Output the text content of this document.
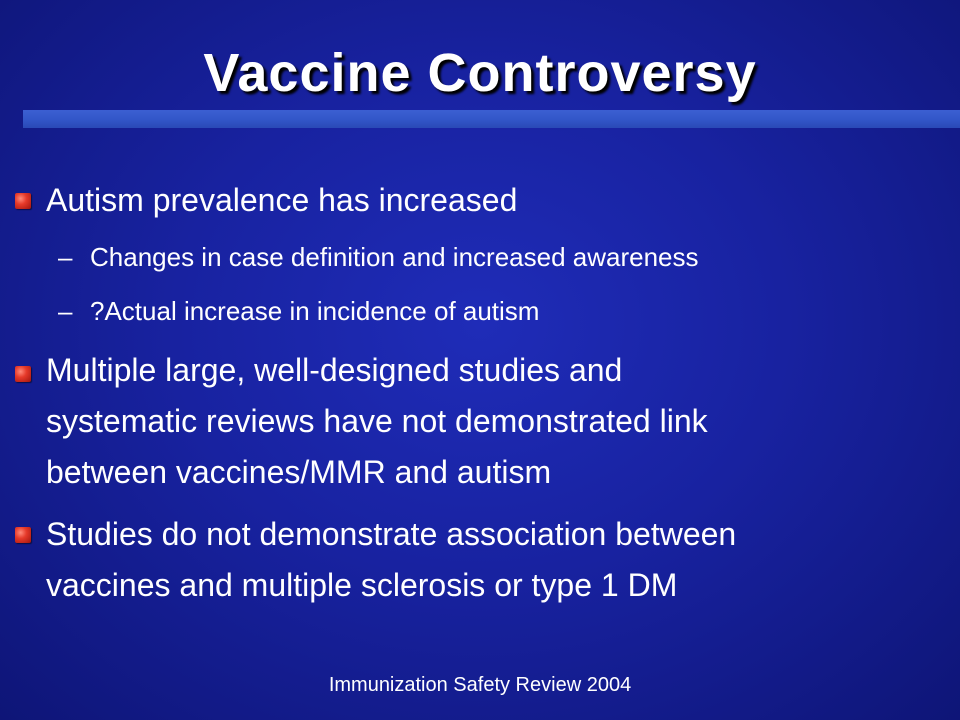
Vaccine Controversy
Autism prevalence has increased
– Changes in case definition and increased awareness
– ?Actual increase in incidence of autism
Multiple large, well-designed studies and
systematic reviews have not demonstrated link
between vaccines/MMR and autism
Studies do not demonstrate association between
vaccines and multiple sclerosis or type 1 DM
Immunization Safety Review 2004
